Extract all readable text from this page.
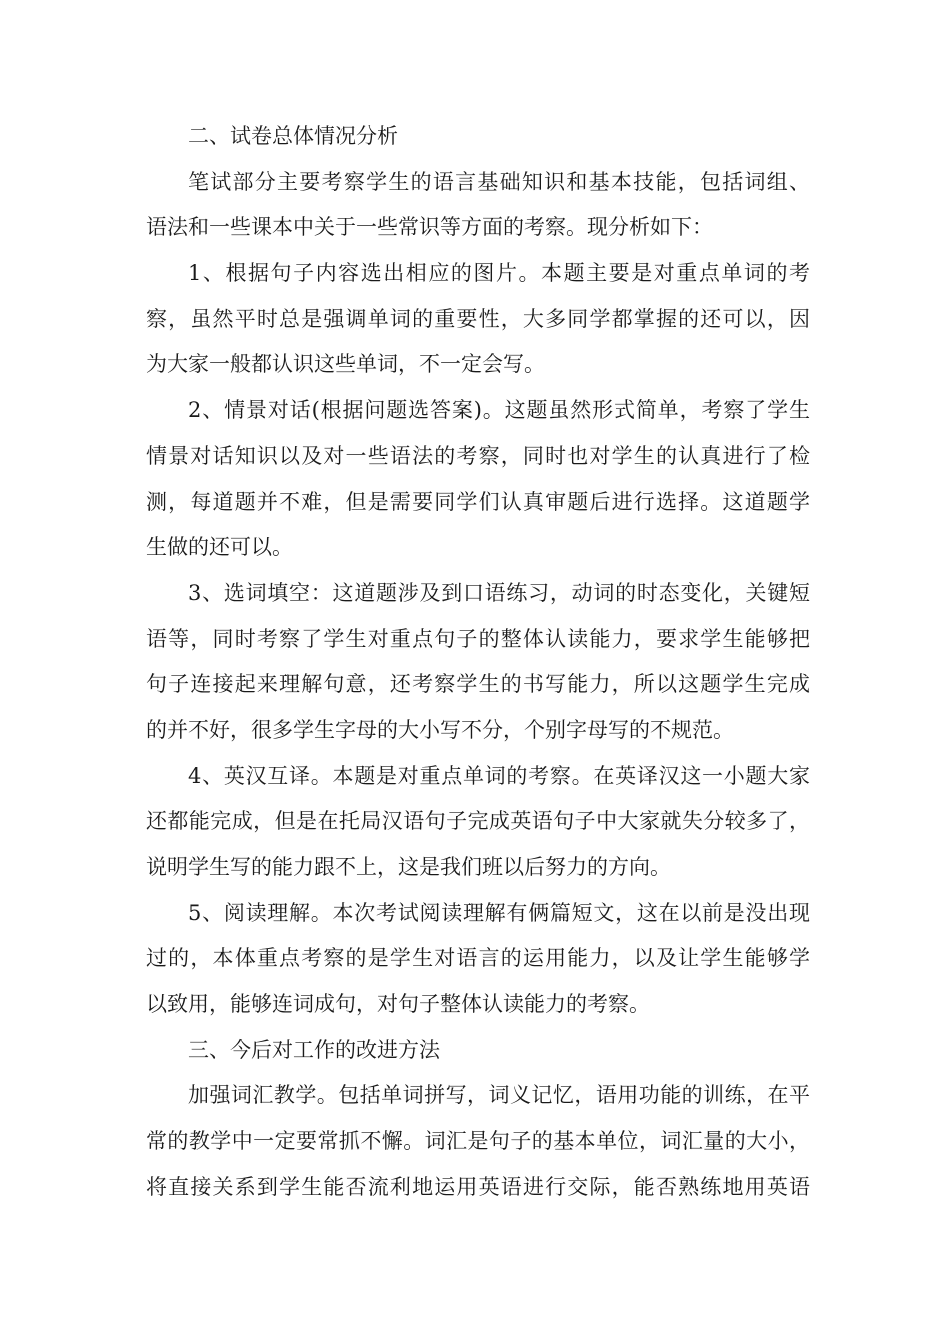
二、试卷总体情况分析
笔试部分主要考察学生的语言基础知识和基本技能，包括词组、
语法和一些课本中关于一些常识等方面的考察。现分析如下：
1、根据句子内容选出相应的图片。本题主要是对重点单词的考
察，虽然平时总是强调单词的重要性，大多同学都掌握的还可以，因
为大家一般都认识这些单词，不一定会写。
2、情景对话(根据问题选答案)。这题虽然形式简单，考察了学生
情景对话知识以及对一些语法的考察，同时也对学生的认真进行了检
测，每道题并不难，但是需要同学们认真审题后进行选择。这道题学
生做的还可以。
3、选词填空：这道题涉及到口语练习，动词的时态变化，关键短
语等，同时考察了学生对重点句子的整体认读能力，要求学生能够把
句子连接起来理解句意，还考察学生的书写能力，所以这题学生完成
的并不好，很多学生字母的大小写不分，个别字母写的不规范。
4、英汉互译。本题是对重点单词的考察。在英译汉这一小题大家
还都能完成，但是在托局汉语句子完成英语句子中大家就失分较多了，
说明学生写的能力跟不上，这是我们班以后努力的方向。
5、阅读理解。本次考试阅读理解有俩篇短文，这在以前是没出现
过的，本体重点考察的是学生对语言的运用能力，以及让学生能够学
以致用，能够连词成句，对句子整体认读能力的考察。
三、今后对工作的改进方法
加强词汇教学。包括单词拼写，词义记忆，语用功能的训练，在平
常的教学中一定要常抓不懈。词汇是句子的基本单位，词汇量的大小，
将直接关系到学生能否流利地运用英语进行交际，能否熟练地用英语
